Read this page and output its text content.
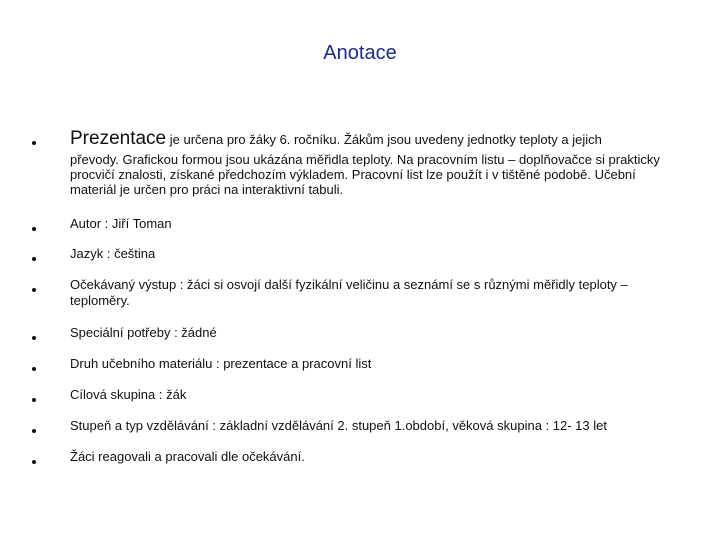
Anotace
Prezentace je určena pro žáky 6. ročníku. Žákům jsou uvedeny jednotky teploty a jejich
převody. Grafickou formou jsou ukázána měřidla teploty. Na pracovním listu – doplňovačce si prakticky procvičí znalosti, získané předchozím výkladem. Pracovní list lze použít i v tištěné podobě. Učební materiál je určen pro práci na interaktivní tabuli.
Autor : Jiří Toman
Jazyk : čeština
Očekávaný výstup : žáci si osvojí další fyzikální veličinu a seznámí se s různými měřidly teploty – teploměry.
Speciální potřeby : žádné
Druh učebního materiálu : prezentace a pracovní list
Cílová skupina : žák
Stupeň a typ vzdělávání : základní vzdělávání 2. stupeň 1.období, věková skupina : 12- 13 let
Žáci reagovali a pracovali dle očekávání.
